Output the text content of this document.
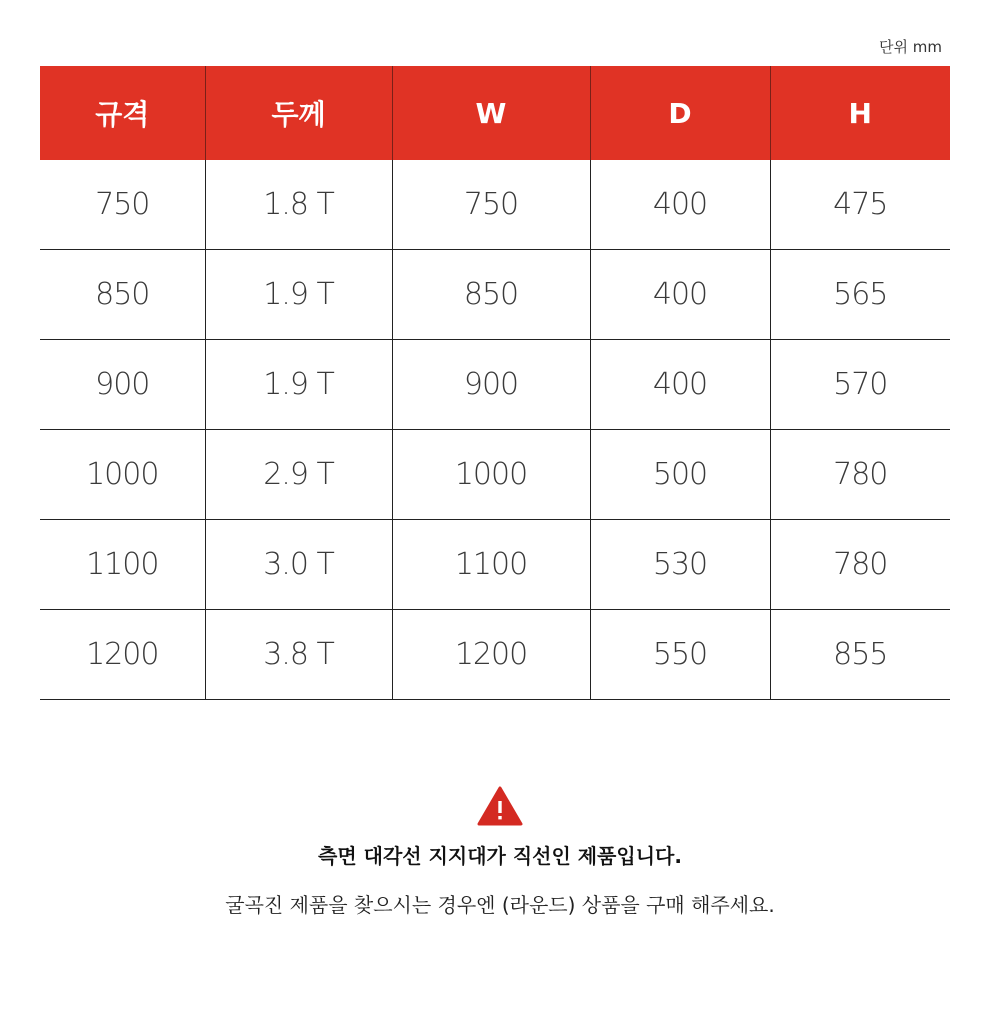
단위 mm
규격	두께	W	D	H
750	1.8 T	750	400	475
850	1.9 T	850	400	565
900	1.9 T	900	400	570
1000	2.9 T	1000	500	780
1100	3.0 T	1100	530	780
1200	3.8 T	1200	550	855
측면 대각선 지지대가 직선인 제품입니다.
굴곡진 제품을 찾으시는 경우엔 (라운드) 상품을 구매 해주세요.
